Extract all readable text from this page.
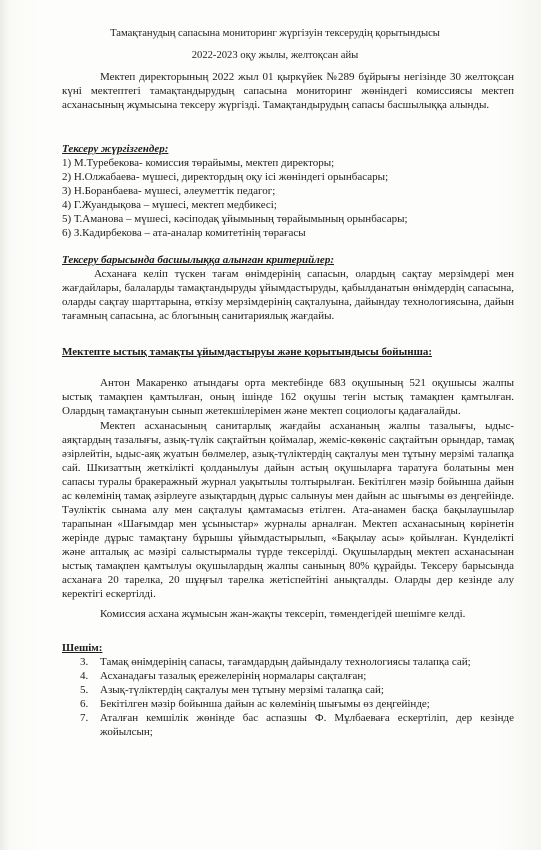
Тамақтанудың сапасына мониторинг жүргізуін тексерудің қорытындысы
2022-2023 оқу жылы, желтоқсан айы
Мектеп директорының 2022 жыл 01 қыркүйек №289 бұйрығы негізінде 30 желтоқсан күні мектептегі тамақтандырудың сапасына мониторинг жөніндегі комиссиясы мектеп асханасының жұмысына тексеру жүргізді. Тамақтандырудың сапасы басшылыққа алынды.
Тексеру жүргізгендер:
1) М.Туребекова- комиссия төрайымы, мектеп директоры;
2) Н.Олжабаева- мүшесі, директордың оқу ісі жөніндегі орынбасары;
3) Н.Боранбаева- мүшесі, әлеуметтік педагог;
4) Г.Жуандықова – мүшесі, мектеп медбикесі;
5) Т.Аманова – мүшесі, кәсіподақ ұйымының төрайымының орынбасары;
6) З.Кадирбекова – ата-аналар комитетінің төрағасы
Тексеру барысында басшылыққа алынған критерийлер:
Асханаға келіп түскен тағам өнімдерінің сапасын, олардың сақтау мерзімдері мен жағдайлары, балаларды тамақтандыруды ұйымдастыруды, қабылданатын өнімдердің сапасына, оларды сақтау шарттарына, өткізу мерзімдерінің сақталуына, дайындау технологиясына, дайын тағамның сапасына, ас блогының санитариялық жағдайы.
Мектепте ыстық тамақты ұйымдастыруы және қорытындысы бойынша:
Антон Макаренко атындағы орта мектебінде 683 оқушының 521 оқушысы жалпы ыстық тамақпен қамтылған, оның ішінде 162 оқушы тегін ыстық тамақпен қамтылған. Олардың тамақтануын сынып жетекшілерімен және мектеп социологы қадағалайды.
Мектеп асханасының санитарлық жағдайы асхананың жалпы тазалығы, ыдыс-аяқтардың тазалығы, азық-түлік сақтайтын қоймалар, жеміс-көкөніс сақтайтын орындар, тамақ әзірлейтін, ыдыс-аяқ жуатын бөлмелер, азық-түліктердің сақталуы мен тұтыну мерзімі талапқа сай. Шкизаттың жеткілікті қолданылуы дайын астың оқушыларға таратуға болатыны мен сапасы туралы бракеражный журнал уақытылы толтырылған. Бекітілген мәзір бойынша дайын ас көлемінің тамақ әзірлеуге азықтардың дұрыс салынуы мен дайын ас шығымы өз деңгейінде. Тәуліктік сынама алу мен сақталуы қамтамасыз етілген. Ата-анамен басқа бақылаушылар тарапынан «Шағымдар мен ұсыныстар» журналы арналған. Мектеп асханасының көрінетін жерінде дұрыс тамақтану бұрышы ұйымдастырылып, «Бақылау асы» қойылған. Күнделікті және апталық ас мәзірі салыстырмалы түрде тексерілді. Оқушылардың мектеп асханасынан ыстық тамақпен қамтылуы оқушылардың жалпы санының 80% құрайды. Тексеру барысында асханаға 20 тарелка, 20 шұңғыл тарелка жетіспейтіні анықталды. Оларды дер кезінде алу керектігі ескертілді.
Комиссия асхана жұмысын жан-жақты тексеріп, төмендегідей шешімге келді.
Шешім:
3.	Тамақ өнімдерінің сапасы, тағамдардың дайындалу технологиясы талапқа сай;
4.	Асханадағы тазалық ережелерінің нормалары сақталған;
5.	Азық-түліктердің сақталуы мен тұтыну мерзімі талапқа сай;
6.	Бекітілген мәзір бойынша дайын ас көлемінің шығымы өз деңгейінде;
7.	Аталған кемшілік жөнінде бас аспазшы Ф. Мұлбаевағa ескертіліп, дер кезінде жойылсын;
